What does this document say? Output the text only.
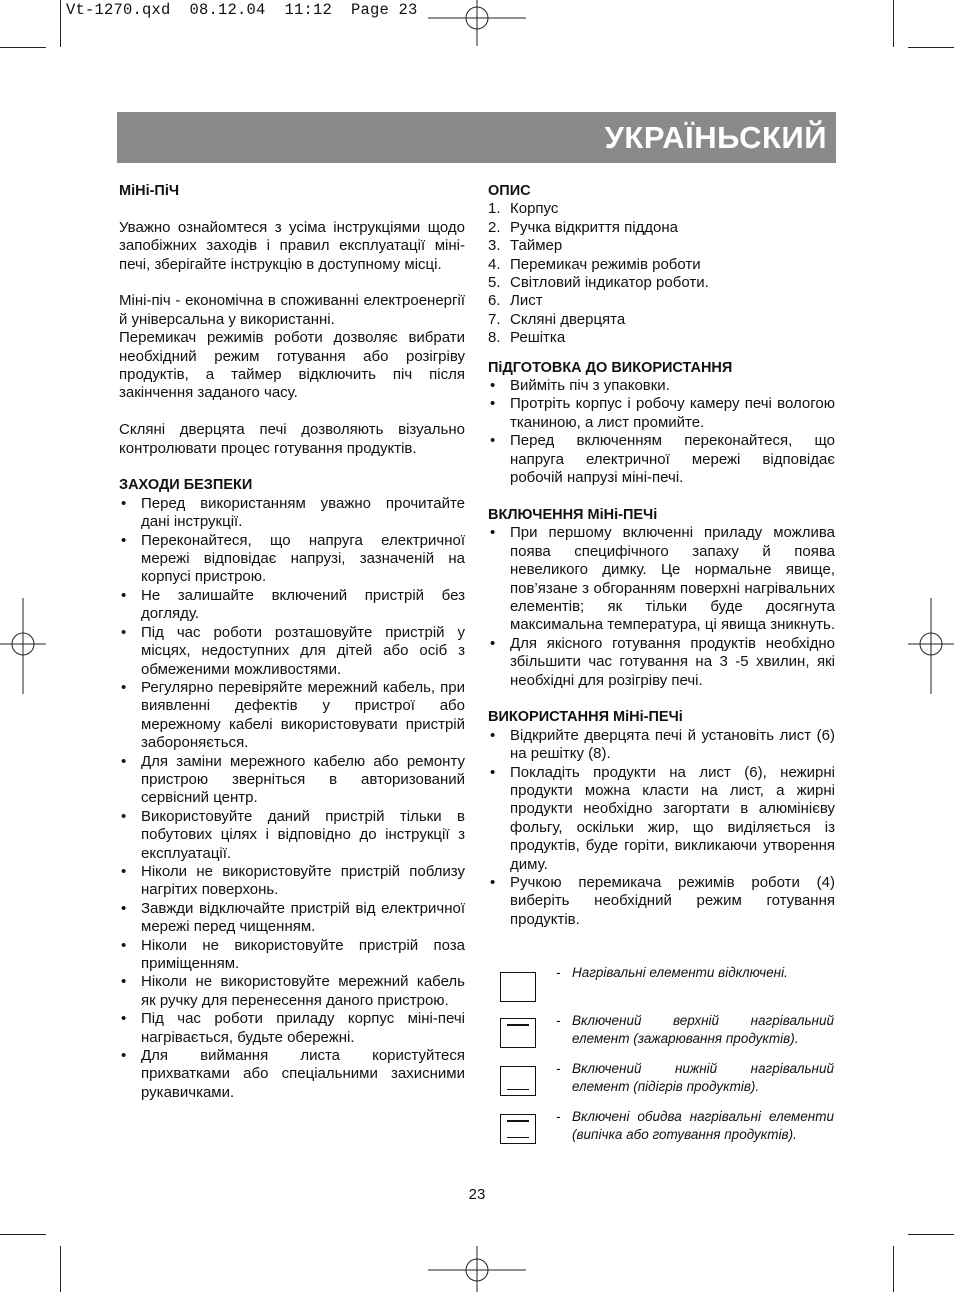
Vt-1270.qxd  08.12.04  11:12  Page 23
УКРАЇНЬСКИЙ
МіНі-ПіЧ

Уважно ознайомтеся з усіма інструкціями щодо запобіжних заходів і правил експлуатації міні-печі, зберігайте інструкцію в доступному місці.

Міні-піч - економічна в споживанні електроенергії й універсальна у використанні.

Перемикач режимів роботи дозволяє вибрати необхідний режим готування або розігріву продуктів, а таймер відключить піч після закінчення заданого часу.

Скляні дверцята печі дозволяють візуально контролювати процес готування продуктів.

ЗАХОДИ БЕЗПЕКИ
• Перед використанням уважно прочитайте дані інструкції.
• Переконайтеся, що напруга електричної мережі відповідає напрузі, зазначеній на корпусі пристрою.
• Не залишайте включений пристрій без догляду.
• Під час роботи розташовуйте пристрій у місцях, недоступних для дітей або осіб з обмеженими можливостями.
• Регулярно перевіряйте мережний кабель, при виявленні дефектів у пристрої або мережному кабелі використовувати пристрій забороняється.
• Для заміни мережного кабелю або ремонту пристрою зверніться в авторизований сервісний центр.
• Використовуйте даний пристрій тільки в побутових цілях і відповідно до інструкції з експлуатації.
• Ніколи не використовуйте пристрій поблизу нагрітих поверхонь.
• Завжди відключайте пристрій від електричної мережі перед чищенням.
• Ніколи не використовуйте пристрій поза приміщенням.
• Ніколи не використовуйте мережний кабель як ручку для перенесення даного пристрою.
• Під час роботи приладу корпус міні-печі нагрівається, будьте обережні.
• Для виймання листа користуйтеся прихватками або спеціальними захисними рукавичками.
ОПИС
1. Корпус
2. Ручка відкриття піддона
3. Таймер
4. Перемикач режимів роботи
5. Світловий індикатор роботи.
6. Лист
7. Скляні дверцята
8. Решітка
ПіДГОТОВКА ДО ВИКОРИСТАННЯ
• Вийміть піч з упаковки.
• Протріть корпус і робочу камеру печі вологою тканиною, а лист промийте.
• Перед включенням переконайтеся, що напруга електричної мережі відповідає робочій напрузі міні-печі.
ВКЛЮЧЕННЯ МіНі-ПЕЧі
• При першому включенні приладу можлива поява специфічного запаху й поява невеликого димку. Це нормальне явище, пов’язане з обгоранням поверхні нагрівальних елементів; як тільки буде досягнута максимальна температура, ці явища зникнуть.
• Для якісного готування продуктів необхідно збільшити час готування на 3 -5 хвилин, які необхідні для розігріву печі.
ВИКОРИСТАННЯ МіНі-ПЕЧі
• Відкрийте дверцята печі й установіть лист (6) на решітку (8).
• Покладіть продукти на лист (6), нежирні продукти можна класти на лист, а жирні продукти необхідно загортати в алюмінієву фольгу, оскільки жир, що виділяється із продуктів, буде горіти, викликаючи утворення диму.
• Ручкою перемикача режимів роботи (4) виберіть необхідний режим готування продуктів.
- Нагрівальні елементи відключені.
- Включений верхній нагрівальний елемент (зажарювання продуктів).
- Включений нижній нагрівальний елемент (підігрів продуктів).
- Включені обидва нагрівальні елементи (випічка або готування продуктів).
23
